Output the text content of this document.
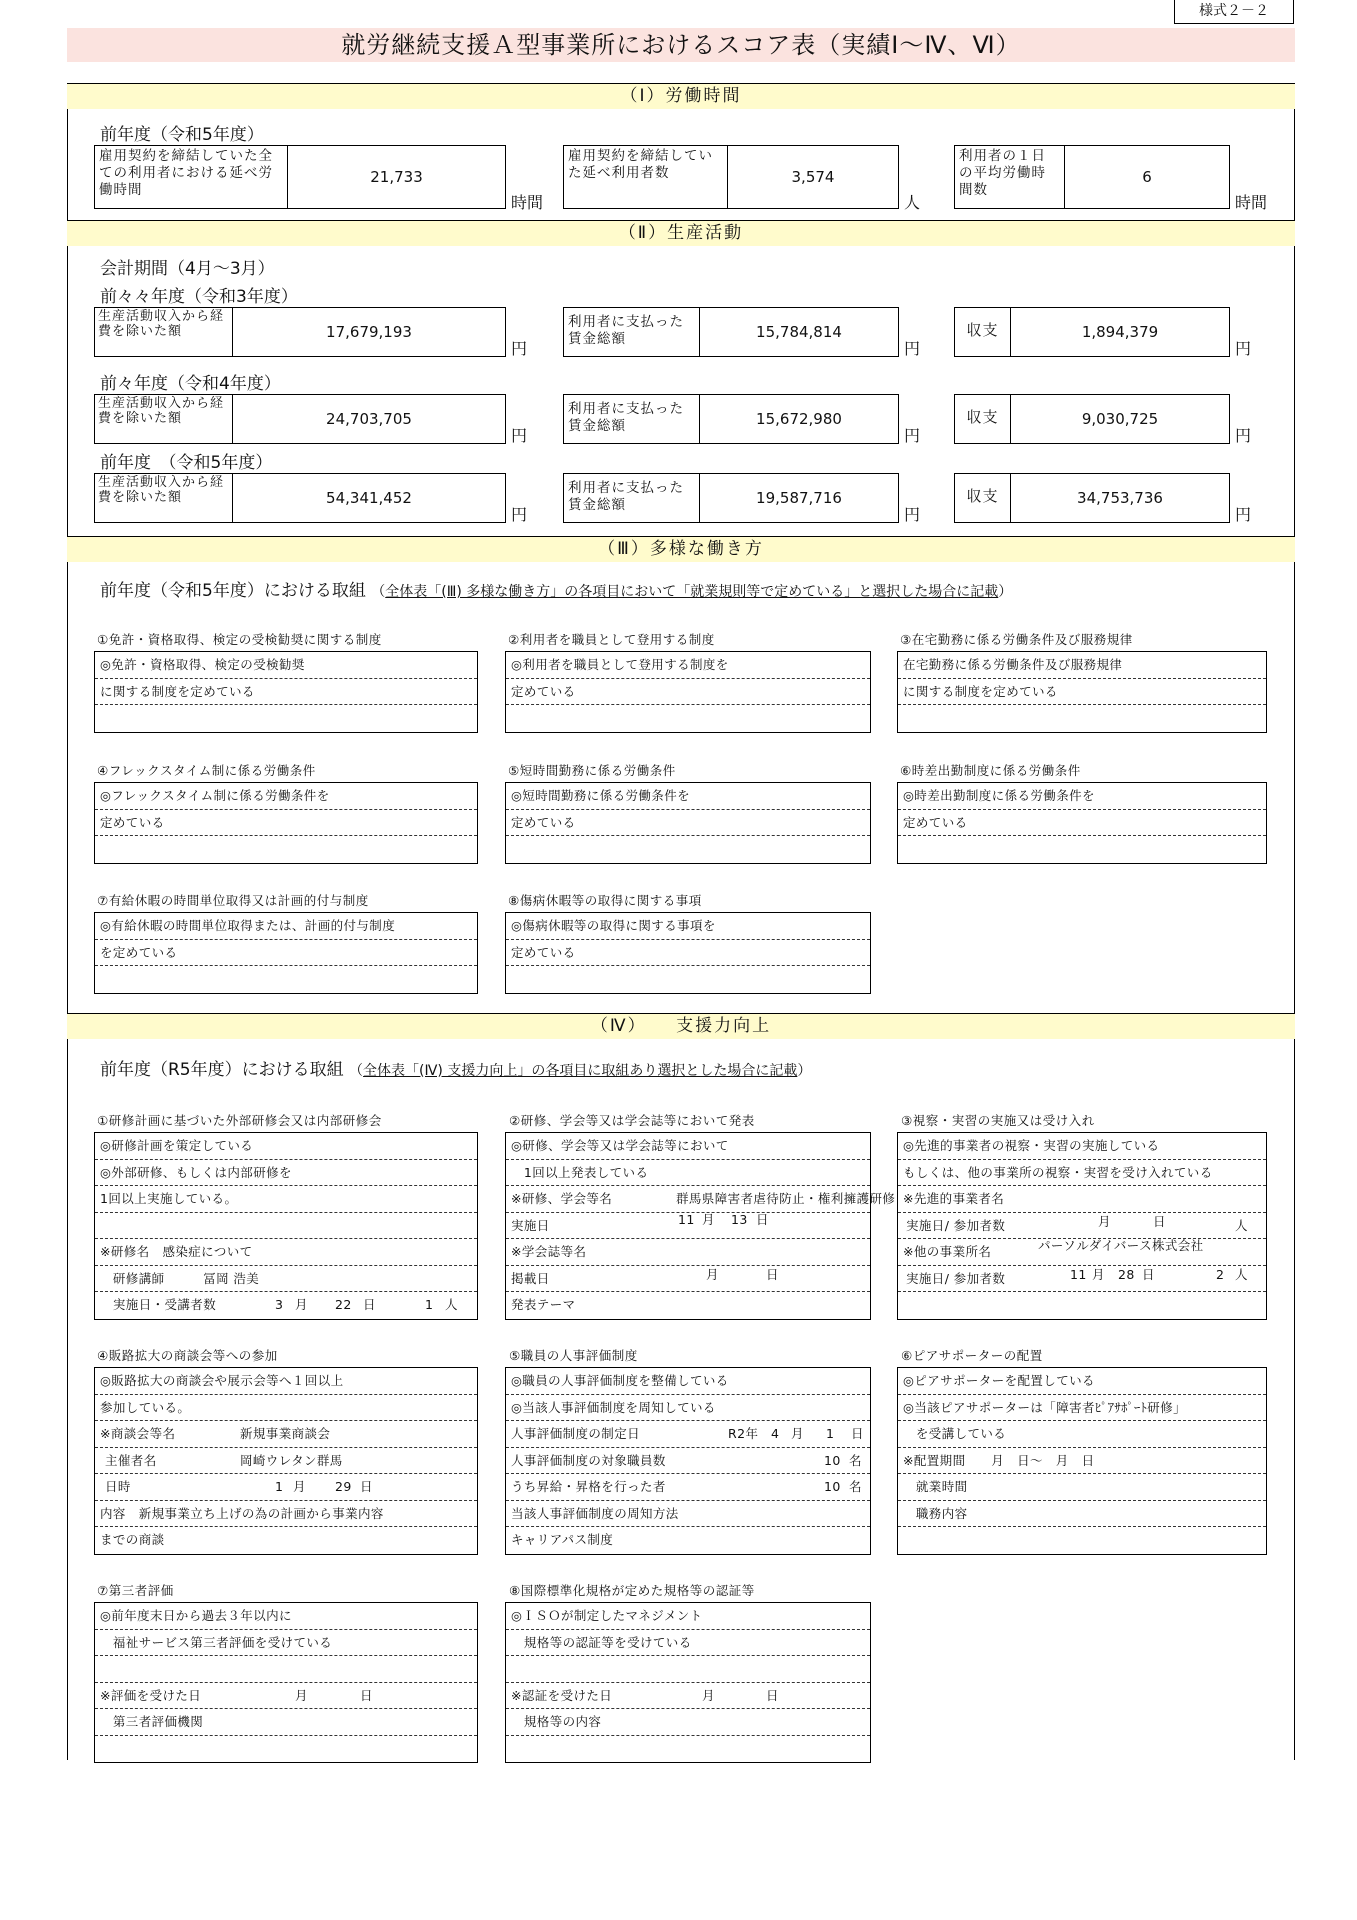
様式２－２
就労継続支援Ａ型事業所におけるスコア表（実績Ⅰ～Ⅳ、Ⅵ）
（Ⅰ）労働時間
前年度（令和5年度）
雇用契約を締結していた全ての利用者における延べ労働時間
21,733
時間
雇用契約を締結していた延べ利用者数	3,574
人
利用者の１日の平均労働時間数
6
時間
（Ⅱ）生産活動
会計期間（4月～3月）
前々々年度（令和3年度）
生産活動収入から経費を除いた額	17,679,193
円
利用者に支払った賃金総額	15,784,814
円
収支	1,894,379
円
前々年度（令和4年度）
生産活動収入から経費を除いた額	24,703,705
円
利用者に支払った賃金総額	15,672,980
円
収支	9,030,725
円
前年度　（令和5年度）
生産活動収入から経費を除いた額	54,341,452
円
利用者に支払った賃金総額	19,587,716
円
収支	34,753,736
円
（Ⅲ）多様な働き方
前年度（令和5年度）における取組 （全体表「(Ⅲ) 多様な働き方」の各項目において「就業規則等で定めている」と選択した場合に記載）
①免許・資格取得、検定の受検勧奨に関する制度
◎免許・資格取得、検定の受検勧奨
に関する制度を定めている
②利用者を職員として登用する制度
◎利用者を職員として登用する制度を
定めている
③在宅勤務に係る労働条件及び服務規律
在宅勤務に係る労働条件及び服務規律
に関する制度を定めている
④フレックスタイム制に係る労働条件
◎フレックスタイム制に係る労働条件を
定めている
⑤短時間勤務に係る労働条件
◎短時間勤務に係る労働条件を
定めている
⑥時差出勤制度に係る労働条件
◎時差出勤制度に係る労働条件を
定めている
⑦有給休暇の時間単位取得又は計画的付与制度
◎有給休暇の時間単位取得または、計画的付与制度
を定めている
⑧傷病休暇等の取得に関する事項
◎傷病休暇等の取得に関する事項を
定めている
（Ⅳ）　　支援力向上
前年度（R5年度）における取組 （全体表「(Ⅳ) 支援力向上」の各項目に取組あり選択とした場合に記載）
①研修計画に基づいた外部研修会又は内部研修会
◎研修計画を策定している
◎外部研修、もしくは内部研修を
1回以上実施している。
※研修名　感染症について
　研修講師　　　冨岡 浩美
　実施日・受講者数	3 月 22 日	1 人
②研修、学会等又は学会誌等において発表
◎研修、学会等又は学会誌等において
　1回以上発表している
※研修、学会等名	群馬県障害者虐待防止・権利擁護研修
実施日	11 月 13 日
※学会誌等名
掲載日	月	日
発表テーマ
③視察・実習の実施又は受け入れ
◎先進的事業者の視察・実習の実施している
もしくは、他の事業所の視察・実習を受け入れている
※先進的事業者名
実施日/ 参加者数	月	日	人
※他の事業所名	パーソルダイバース株式会社
実施日/ 参加者数	11 月 28 日	2 人
④販路拡大の商談会等への参加
◎販路拡大の商談会や展示会等へ１回以上
参加している。
※商談会等名	新規事業商談会
主催者名	岡崎ウレタン群馬
日時	1 月 29 日
内容　新規事業立ち上げの為の計画から事業内容
までの商談
⑤職員の人事評価制度
◎職員の人事評価制度を整備している
◎当該人事評価制度を周知している
人事評価制度の制定日	R2年 4 月 1 日
人事評価制度の対象職員数	10 名
うち昇給・昇格を行った者	10 名
当該人事評価制度の周知方法
キャリアパス制度
⑥ピアサポーターの配置
◎ピアサポーターを配置している
◎当該ピアサポーターは「障害者ﾋﾟｱｻﾎﾟｰﾄ研修」
　を受講している
※配置期間　　月　日～　月　日
　就業時間
　職務内容
⑦第三者評価
◎前年度末日から過去３年以内に
　福祉サービス第三者評価を受けている
※評価を受けた日	月	日
　第三者評価機関
⑧国際標準化規格が定めた規格等の認証等
◎ＩＳＯが制定したマネジメント
　規格等の認証等を受けている
※認証を受けた日	月	日
　規格等の内容
